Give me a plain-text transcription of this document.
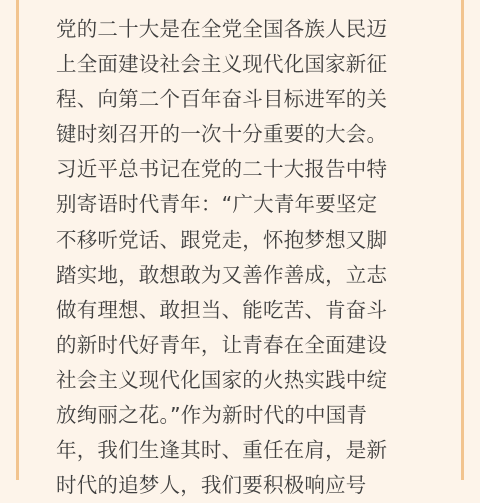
党的二十大是在全党全国各族人民迈
上全面建设社会主义现代化国家新征
程、向第二个百年奋斗目标进军的关
键时刻召开的一次十分重要的大会。
习近平总书记在党的二十大报告中特
别寄语时代青年：“广大青年要坚定
不移听党话、跟党走，怀抱梦想又脚
踏实地，敢想敢为又善作善成，立志
做有理想、敢担当、能吃苦、肯奋斗
的新时代好青年，让青春在全面建设
社会主义现代化国家的火热实践中绽
放绚丽之花。”作为新时代的中国青
年，我们生逢其时、重任在肩，是新
时代的追梦人，我们要积极响应号
